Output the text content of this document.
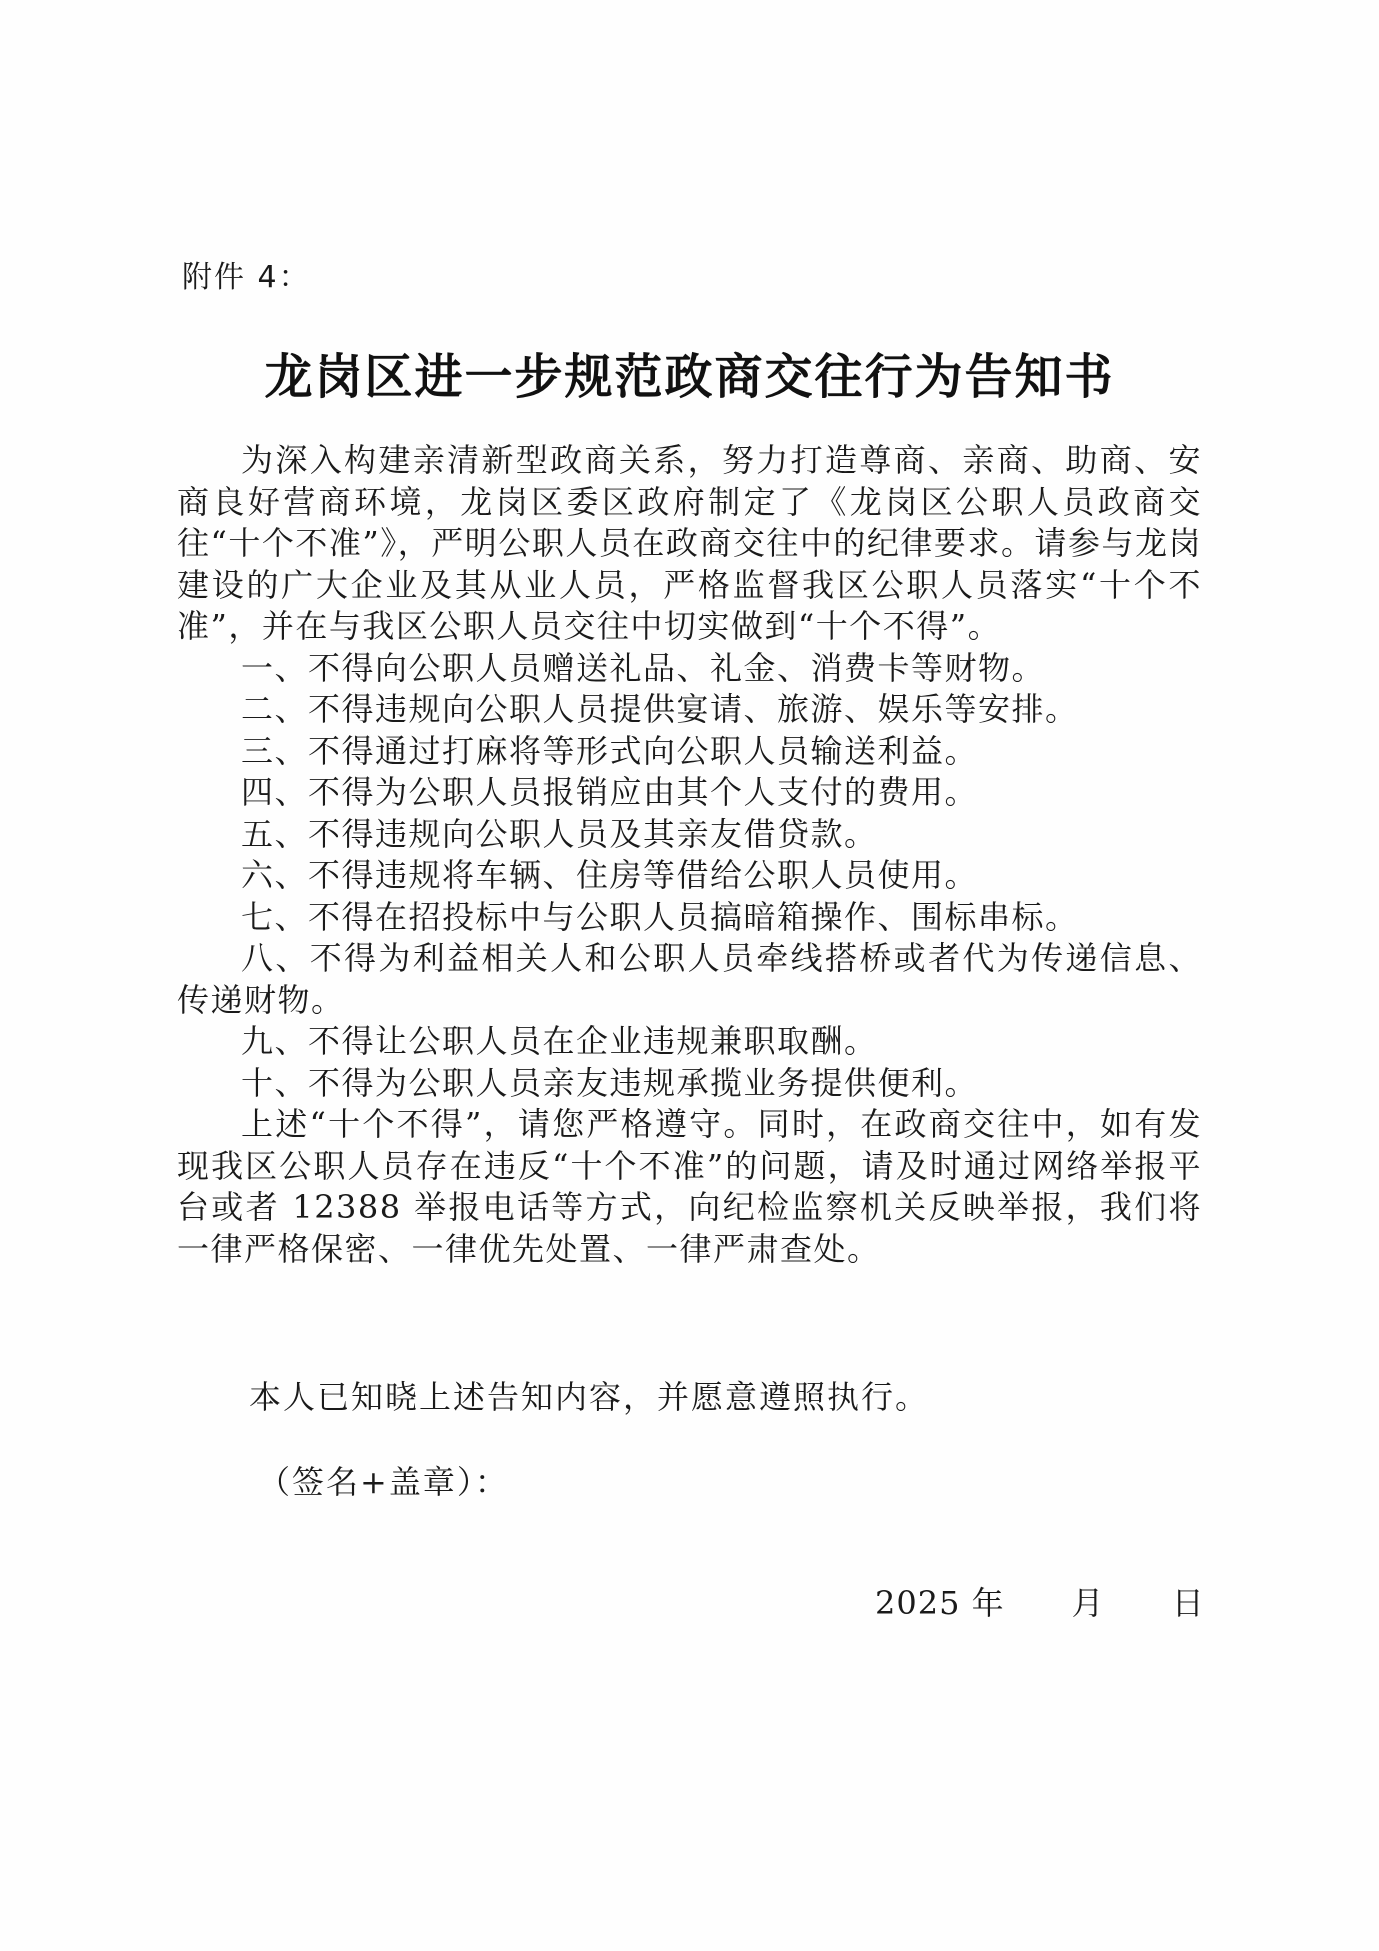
附件 4：
龙岗区进一步规范政商交往行为告知书

为深入构建亲清新型政商关系，努力打造尊商、亲商、助商、安商良好营商环境，龙岗区委区政府制定了《龙岗区公职人员政商交往“十个不准”》，严明公职人员在政商交往中的纪律要求。请参与龙岗建设的广大企业及其从业人员，严格监督我区公职人员落实“十个不准”，并在与我区公职人员交往中切实做到“十个不得”。

一、不得向公职人员赠送礼品、礼金、消费卡等财物。

二、不得违规向公职人员提供宴请、旅游、娱乐等安排。

三、不得通过打麻将等形式向公职人员输送利益。

四、不得为公职人员报销应由其个人支付的费用。

五、不得违规向公职人员及其亲友借贷款。

六、不得违规将车辆、住房等借给公职人员使用。

七、不得在招投标中与公职人员搞暗箱操作、围标串标。

八、不得为利益相关人和公职人员牵线搭桥或者代为传递信息、传递财物。

九、不得让公职人员在企业违规兼职取酬。

十、不得为公职人员亲友违规承揽业务提供便利。

上述“十个不得”，请您严格遵守。同时，在政商交往中，如有发现我区公职人员存在违反“十个不准”的问题，请及时通过网络举报平台或者 12388 举报电话等方式，向纪检监察机关反映举报，我们将一律严格保密、一律优先处置、一律严肃查处。

本人已知晓上述告知内容，并愿意遵照执行。
（签名+盖章）：
2025 年 月 日
